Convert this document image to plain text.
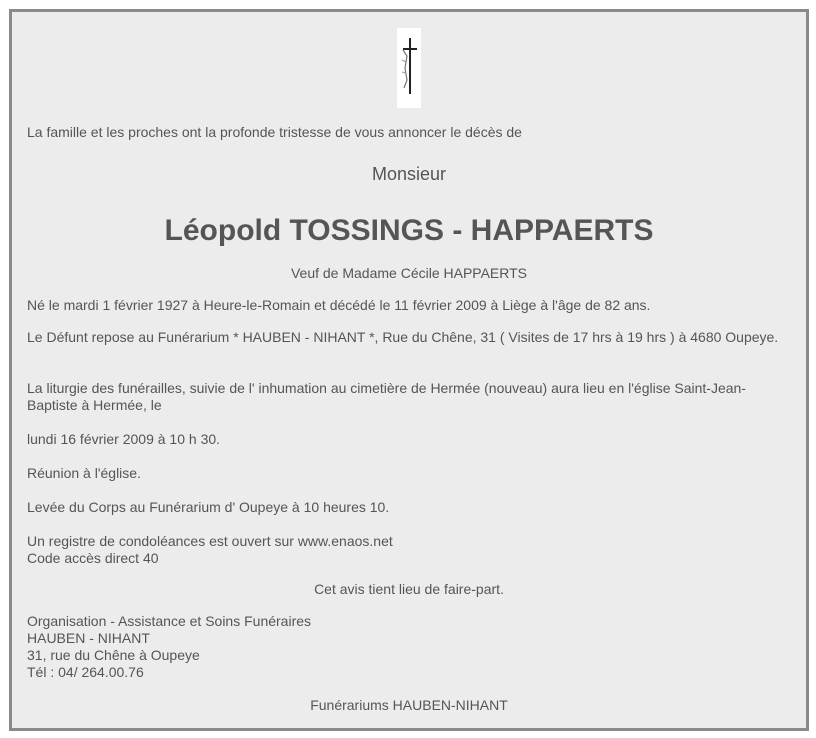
La famille et les proches ont la profonde tristesse de vous annoncer le décès de

Monsieur

Léopold TOSSINGS - HAPPAERTS

Veuf de Madame Cécile HAPPAERTS

Né le mardi 1 février 1927 à Heure-le-Romain et décédé le 11 février 2009 à Liège à l'âge de 82 ans.

Le Défunt repose au Funérarium * HAUBEN - NIHANT *, Rue du Chêne, 31 ( Visites de 17 hrs à 19 hrs ) à 4680 Oupeye.

La liturgie des funérailles, suivie de l' inhumation au cimetière de Hermée (nouveau) aura lieu en l'église Saint-Jean-Baptiste à Hermée, le

lundi 16 février 2009 à 10 h 30.

Réunion à l'église.

Levée du Corps au Funérarium d' Oupeye à 10 heures 10.

Un registre de condoléances est ouvert sur www.enaos.net

Code accès direct 40

Cet avis tient lieu de faire-part.

Organisation - Assistance et Soins Funéraires

HAUBEN - NIHANT

31, rue du Chêne à Oupeye

Tél : 04/ 264.00.76

Funérariums HAUBEN-NIHANT
